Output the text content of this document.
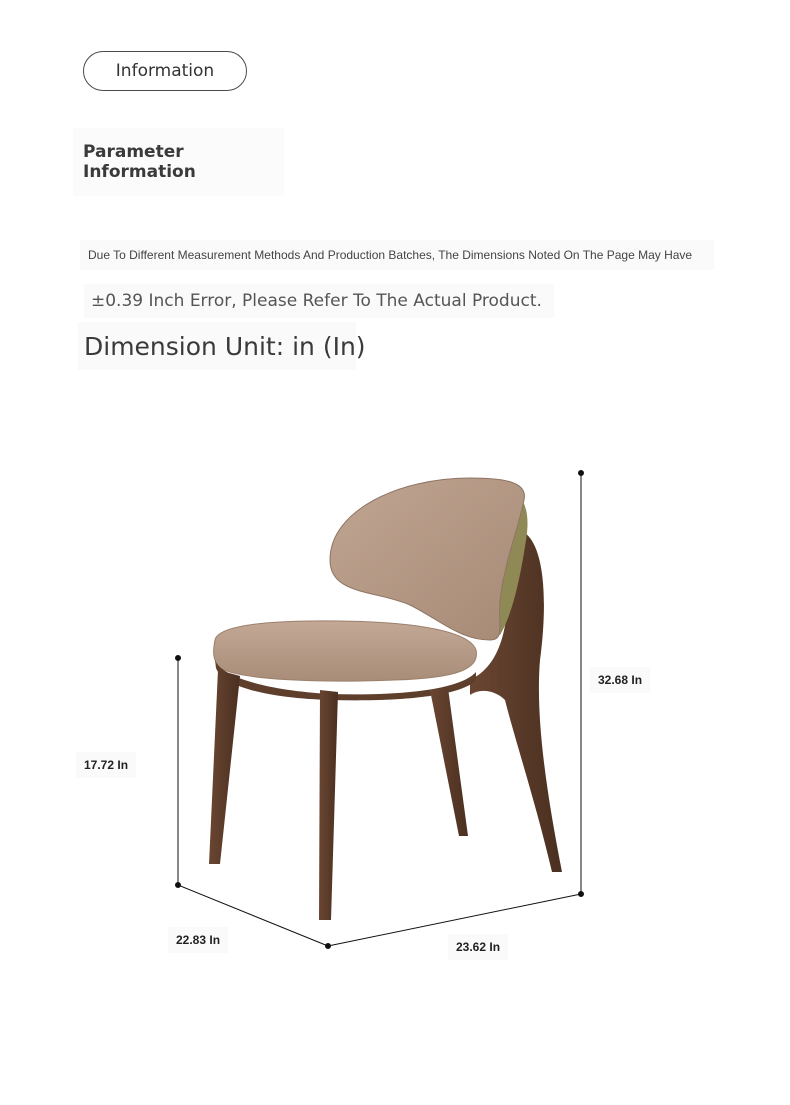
Information
Parameter Information
Due To Different Measurement Methods And Production Batches, The Dimensions Noted On The Page May Have
±0.39 Inch Error, Please Refer To The Actual Product.
Dimension Unit: in (In)
32.68 In
17.72 In
22.83 In	23.62 In
